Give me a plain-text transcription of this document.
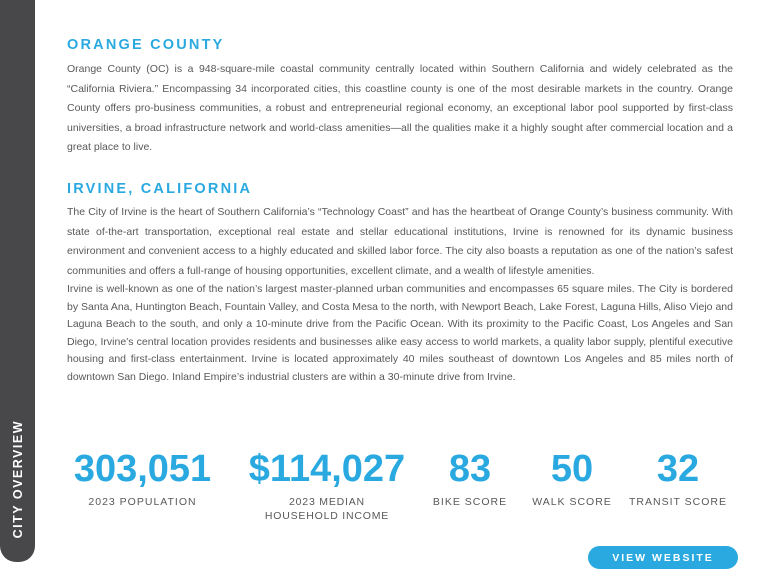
CITY OVERVIEW
ORANGE COUNTY

Orange County (OC) is a 948-square-mile coastal community centrally located within Southern California and widely celebrated as the “California Riviera.” Encompassing 34 incorporated cities, this coastline county is one of the most desirable markets in the country. Orange County offers pro-business communities, a robust and entrepreneurial regional economy, an exceptional labor pool supported by first-class universities, a broad infrastructure network and world-class amenities—all the qualities make it a highly sought after commercial location and a great place to live.

IRVINE, CALIFORNIA

The City of Irvine is the heart of Southern California’s “Technology Coast” and has the heartbeat of Orange County’s business community. With state of-the-art transportation, exceptional real estate and stellar educational institutions, Irvine is renowned for its dynamic business environment and convenient access to a highly educated and skilled labor force. The city also boasts a reputation as one of the nation’s safest communities and offers a full-range of housing opportunities, excellent climate, and a wealth of lifestyle amenities.

Irvine is well-known as one of the nation’s largest master-planned urban communities and encompasses 65 square miles. The City is bordered by Santa Ana, Huntington Beach, Fountain Valley, and Costa Mesa to the north, with Newport Beach, Lake Forest, Laguna Hills, Aliso Viejo and Laguna Beach to the south, and only a 10-minute drive from the Pacific Ocean. With its proximity to the Pacific Coast, Los Angeles and San Diego, Irvine’s central location provides residents and businesses alike easy access to world markets, a quality labor supply, plentiful executive housing and first-class entertainment. Irvine is located approximately 40 miles southeast of downtown Los Angeles and 85 miles north of downtown San Diego. Inland Empire’s industrial clusters are within a 30-minute drive from Irvine.

303,051
2023 POPULATION
$114,027
2023 MEDIAN HOUSEHOLD INCOME
83
BIKE SCORE
50
WALK SCORE
32
TRANSIT SCORE
VIEW WEBSITE
